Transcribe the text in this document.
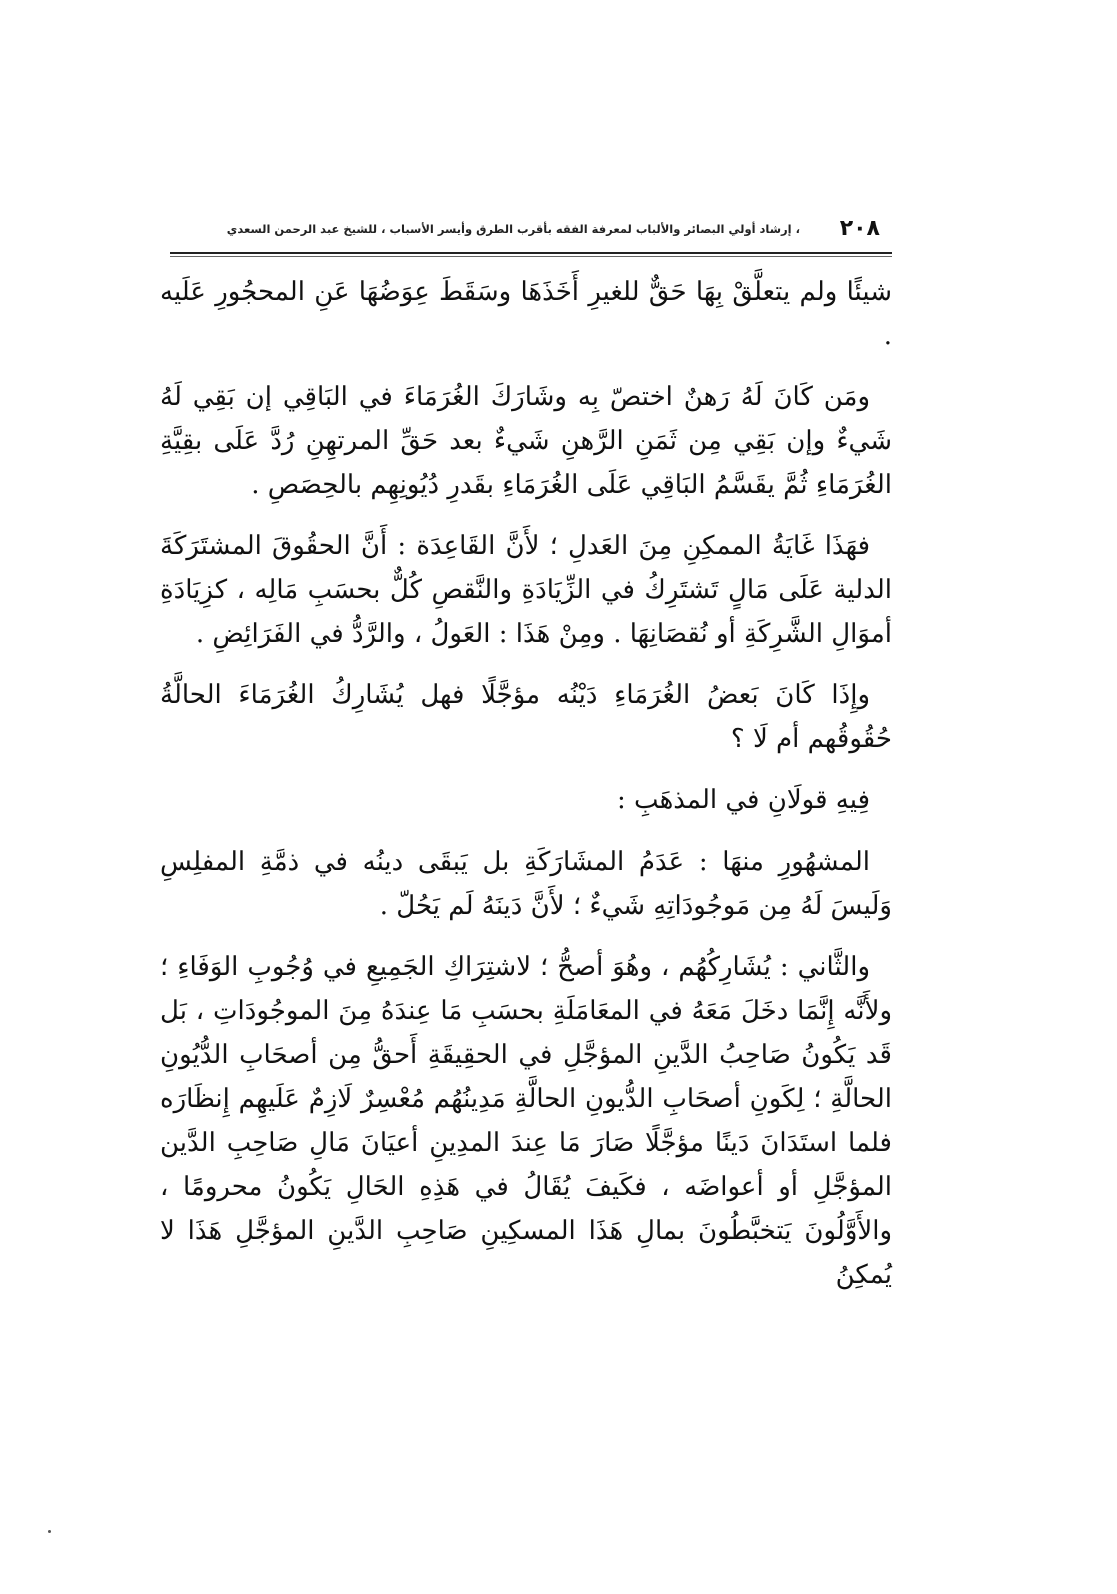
٢٠٨
، إرشاد أولي البصائر والألباب لمعرفة الفقه بأقرب الطرق وأيسر الأسباب ، للشيخ عبد الرحمن السعدي

شيئًا ولم يتعلَّقْ بِهَا حَقٌّ للغيرِ أَخَذَهَا وسَقَطَ عِوَضُهَا عَنِ المحجُورِ عَلَيه .

ومَن كَانَ لَهُ رَهنٌ اختصّ بِه وشَارَكَ الغُرَمَاءَ في البَاقِي إن بَقِي لَهُ شَيءٌ وإن بَقِي مِن ثَمَنِ الرَّهنِ شَيءٌ بعد حَقِّ المرتهِنِ رُدَّ عَلَى بقِيَّةِ الغُرَمَاءِ ثُمَّ يقَسَّمُ البَاقِي عَلَى الغُرَمَاءِ بقَدرِ دُيُونِهِم بالحِصَصِ .

فهَذَا غَايَةُ الممكِنِ مِنَ العَدلِ ؛ لأَنَّ القَاعِدَة : أَنَّ الحقُوقَ المشتَرَكَةَ الدلية عَلَى مَالٍ تَشتَرِكُ في الزِّيَادَةِ والنَّقصِ كُلٌّ بحسَبِ مَالِه ، كزِيَادَةِ أموَالِ الشَّرِكَةِ أو نُقصَانِهَا . ومِنْ هَذَا : العَولُ ، والرَّدُّ في الفَرَائِضِ .

وإِذَا كَانَ بَعضُ الغُرَمَاءِ دَيْنُه مؤجَّلًا فهل يُشَارِكُ الغُرَمَاءَ الحالَّةُ حُقُوقُهم أم لَا ؟

فِيهِ قولَانِ في المذهَبِ :

المشهُورِ منهَا : عَدَمُ المشَارَكَةِ بل يَبقَى دينُه في ذمَّةِ المفلِسِ وَلَيسَ لَهُ مِن مَوجُودَاتِهِ شَيءٌ ؛ لأَنَّ دَينَهُ لَم يَحُلّ .

والثَّاني : يُشَارِكُهُم ، وهُوَ أصحُّ ؛ لاشتِرَاكِ الجَمِيعِ في وُجُوبِ الوَفَاءِ ؛ ولأَنَّه إِنَّمَا دخَلَ مَعَهُ في المعَامَلَةِ بحسَبِ مَا عِندَهُ مِنَ الموجُودَاتِ ، بَل قَد يَكُونُ صَاحِبُ الدَّينِ المؤجَّلِ في الحقِيقَةِ أَحقُّ مِن أصحَابِ الدُّيُونِ الحالَّةِ ؛ لِكَونِ أصحَابِ الدُّيونِ الحالَّةِ مَدِينُهُم مُعْسِرٌ لَازِمٌ عَلَيهِم إِنظَارَه فلما استَدَانَ دَينًا مؤجَّلًا صَارَ مَا عِندَ المدِينِ أعيَانَ مَالِ صَاحِبِ الدَّين المؤجَّلِ أو أعواضَه ، فكَيفَ يُقَالُ في هَذِهِ الحَالِ يَكُونُ محرومًا ، والأَوَّلُونَ يَتخبَّطُونَ بمالِ هَذَا المسكِينِ صَاحِبِ الدَّينِ المؤجَّلِ هَذَا لا يُمكِنُ
